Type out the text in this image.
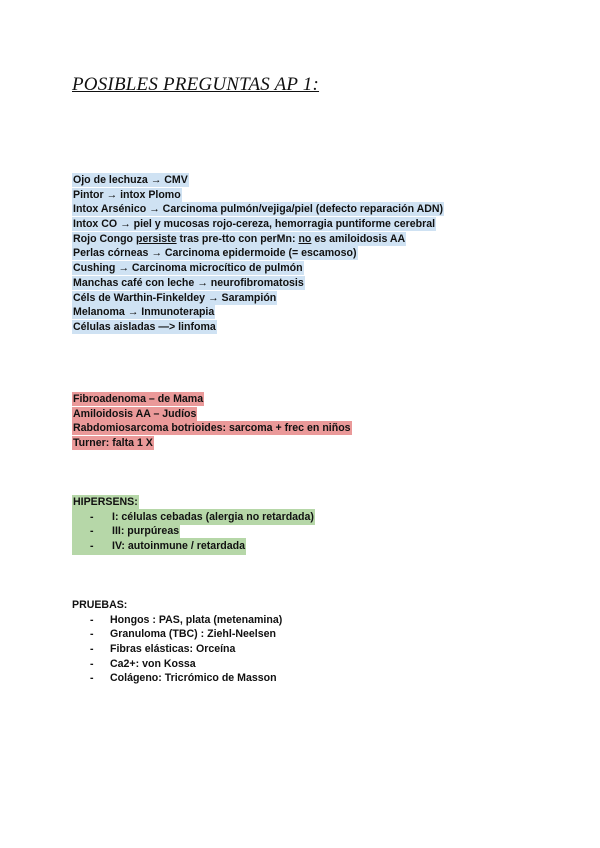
POSIBLES PREGUNTAS AP 1:
Ojo de lechuza → CMV
Pintor → intox Plomo
Intox Arsénico → Carcinoma pulmón/vejiga/piel (defecto reparación ADN)
Intox CO → piel y mucosas rojo-cereza, hemorragia puntiforme cerebral
Rojo Congo persiste tras pre-tto con perMn: no es amiloidosis AA
Perlas córneas → Carcinoma epidermoide (= escamoso)
Cushing → Carcinoma microcítico de pulmón
Manchas café con leche → neurofibromatosis
Céls de Warthin-Finkeldey → Sarampión
Melanoma → Inmunoterapia
Células aisladas —> linfoma
Fibroadenoma – de Mama
Amiloidosis AA – Judíos
Rabdomiosarcoma botrioides: sarcoma + frec en niños
Turner: falta 1 X
HIPERSENS:
-	I: células cebadas (alergia no retardada)
-	III: purpúreas
-	IV: autoinmune / retardada
PRUEBAS:
-	Hongos : PAS, plata (metenamina)
-	Granuloma (TBC) : Ziehl-Neelsen
-	Fibras elásticas: Orceína
-	Ca2+: von Kossa
-	Colágeno: Tricrómico de Masson
